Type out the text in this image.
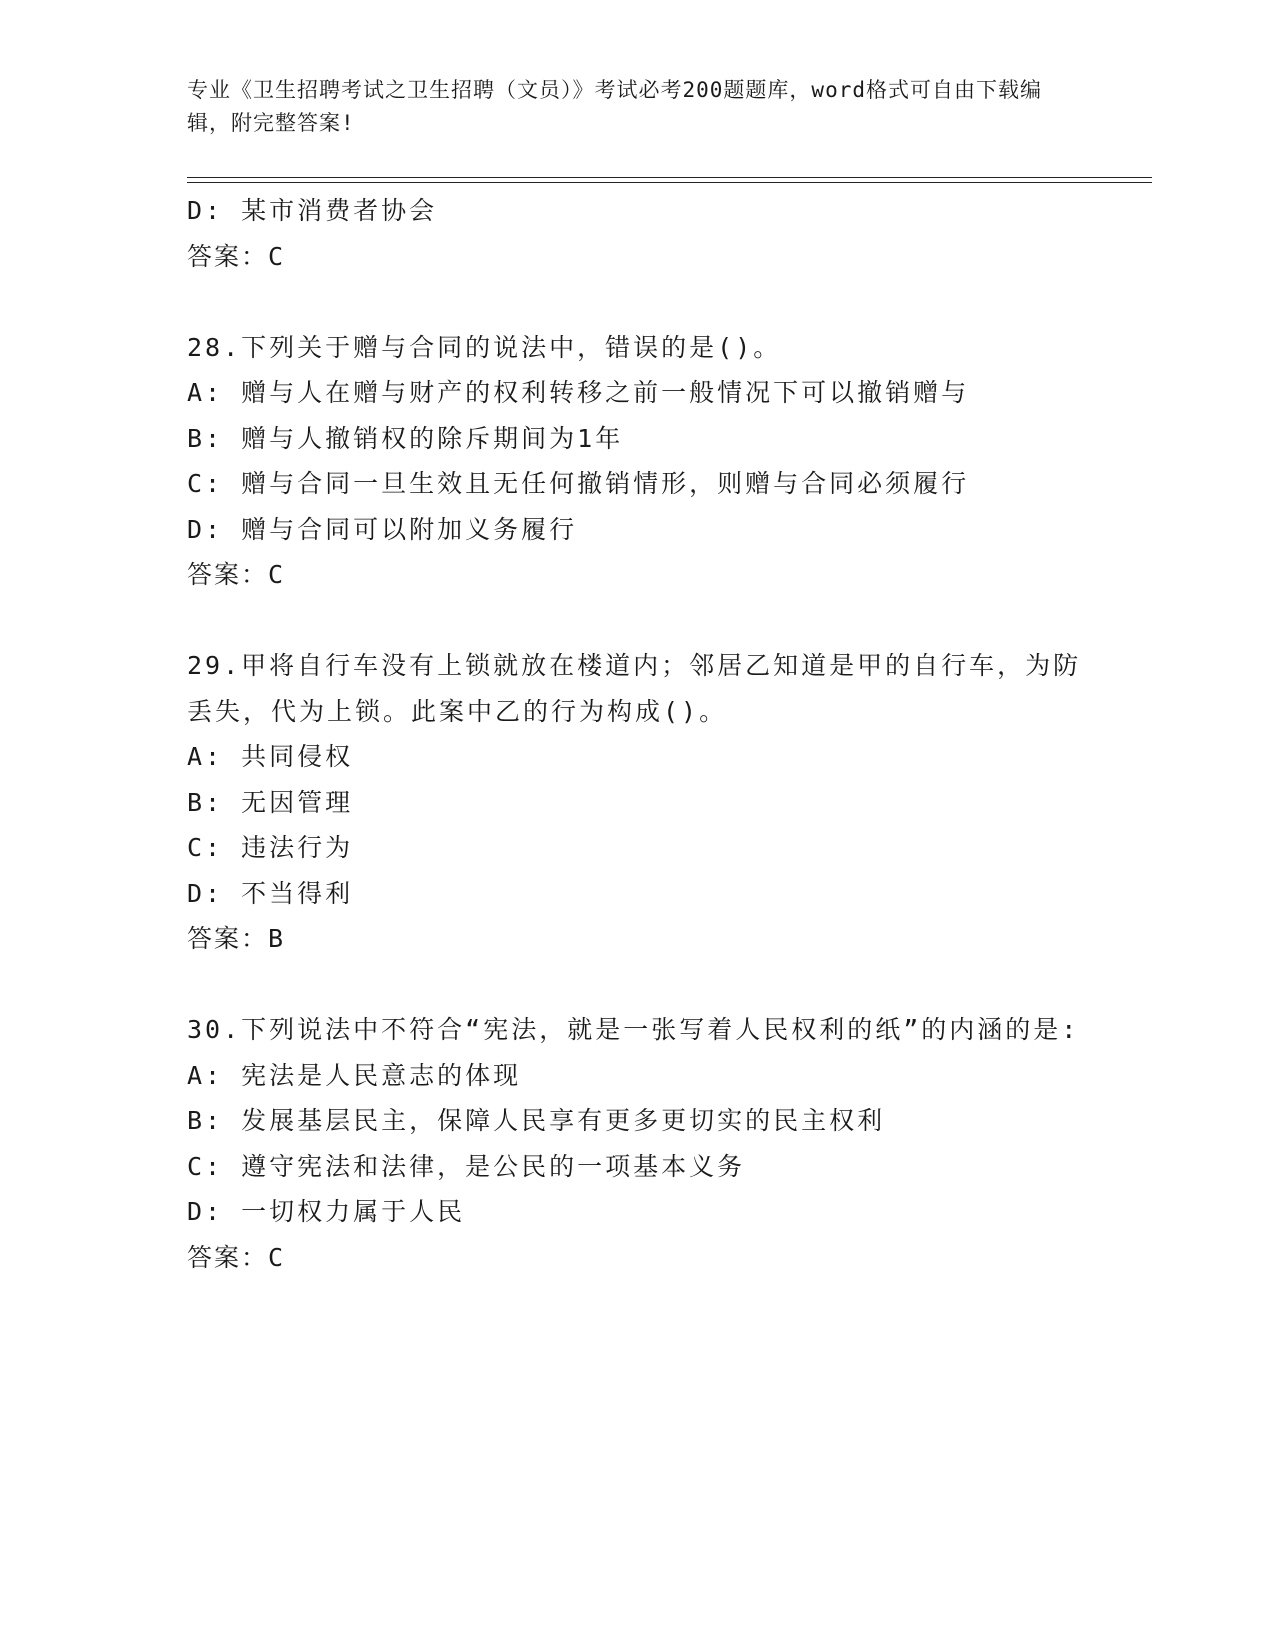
专业《卫生招聘考试之卫生招聘（文员）》考试必考200题题库，word格式可自由下载编辑，附完整答案!

D: 某市消费者协会

答案：C

28.下列关于赠与合同的说法中，错误的是()。

A: 赠与人在赠与财产的权利转移之前一般情况下可以撤销赠与

B: 赠与人撤销权的除斥期间为1年

C: 赠与合同一旦生效且无任何撤销情形，则赠与合同必须履行

D: 赠与合同可以附加义务履行

答案：C

29.甲将自行车没有上锁就放在楼道内；邻居乙知道是甲的自行车，为防丢失，代为上锁。此案中乙的行为构成()。

A: 共同侵权

B: 无因管理

C: 违法行为

D: 不当得利

答案：B

30.下列说法中不符合“宪法，就是一张写着人民权利的纸”的内涵的是:

A: 宪法是人民意志的体现

B: 发展基层民主，保障人民享有更多更切实的民主权利

C: 遵守宪法和法律，是公民的一项基本义务

D: 一切权力属于人民

答案：C
